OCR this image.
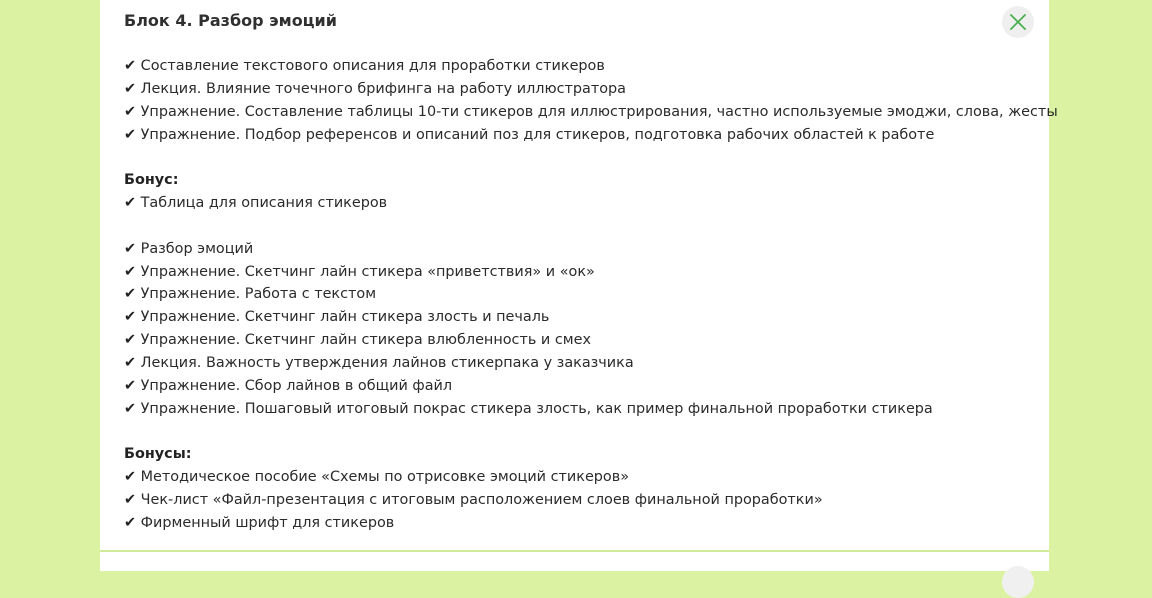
Блок 4. Разбор эмоций
✔ Составление текстового описания для проработки стикеров
✔ Лекция. Влияние точечного брифинга на работу иллюстратора
✔ Упражнение. Составление таблицы 10-ти стикеров для иллюстрирования, частно используемые эмоджи, слова, жесты
✔ Упражнение. Подбор референсов и описаний поз для стикеров, подготовка рабочих областей к работе
Бонус:
✔ Таблица для описания стикеров
✔ Разбор эмоций
✔ Упражнение. Скетчинг лайн стикера «приветствия» и «ок»
✔ Упражнение. Работа с текстом
✔ Упражнение. Скетчинг лайн стикера злость и печаль
✔ Упражнение. Скетчинг лайн стикера влюбленность и смех
✔ Лекция. Важность утверждения лайнов стикерпака у заказчика
✔ Упражнение. Сбор лайнов в общий файл
✔ Упражнение. Пошаговый итоговый покрас стикера злость, как пример финальной проработки стикера
Бонусы:
✔ Методическое пособие «Схемы по отрисовке эмоций стикеров»
✔ Чек-лист «Файл-презентация с итоговым расположением слоев финальной проработки»
✔ Фирменный шрифт для стикеров
